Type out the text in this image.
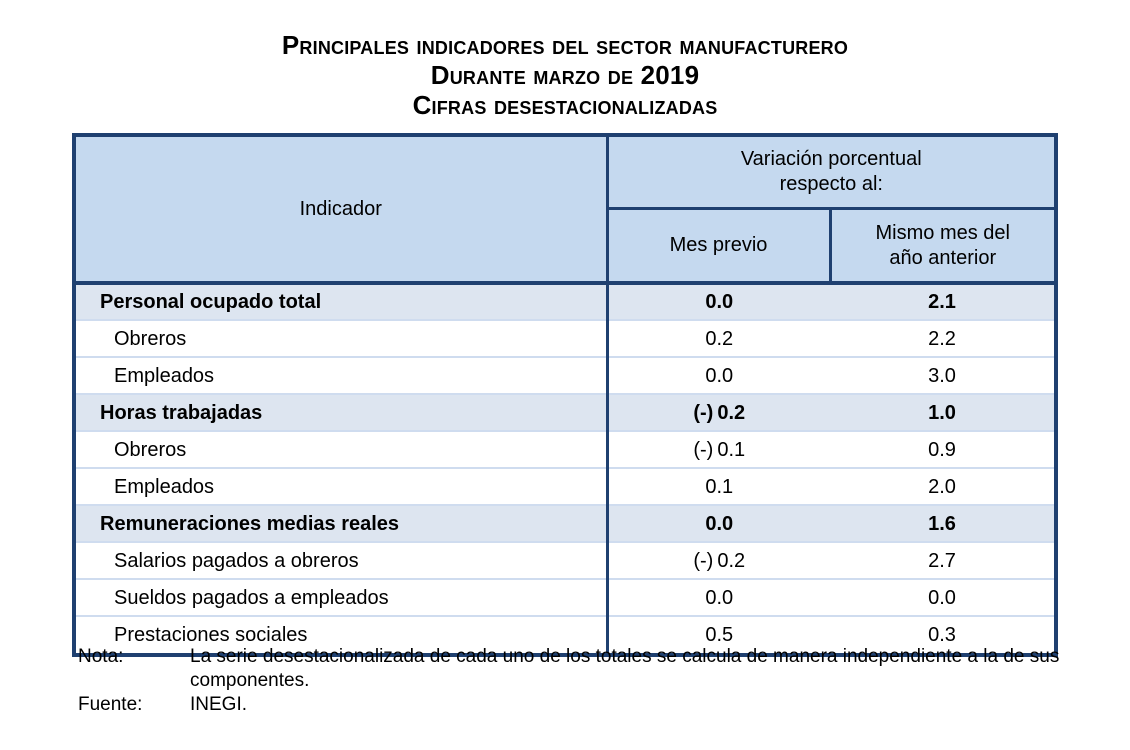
Principales indicadores del sector manufacturero
Durante marzo de 2019
Cifras desestacionalizadas
Indicador	Variación porcentual
respecto al:	

	Mes previo	Mismo mes del
año anterior

Personal ocupado total	0.0	2.1
Obreros	0.2	2.2
Empleados	0.0	3.0
Horas trabajadas	(-) 0.2	1.0
Obreros	(-) 0.1	0.9
Empleados	0.1	2.0
Remuneraciones medias reales	0.0	1.6
Salarios pagados a obreros	(-) 0.2	2.7
Sueldos pagados a empleados	0.0	0.0
Prestaciones sociales	0.5	0.3
Nota:	La serie desestacionalizada de cada uno de los totales se calcula de manera independiente a la de sus componentes.
Fuente:	INEGI.
